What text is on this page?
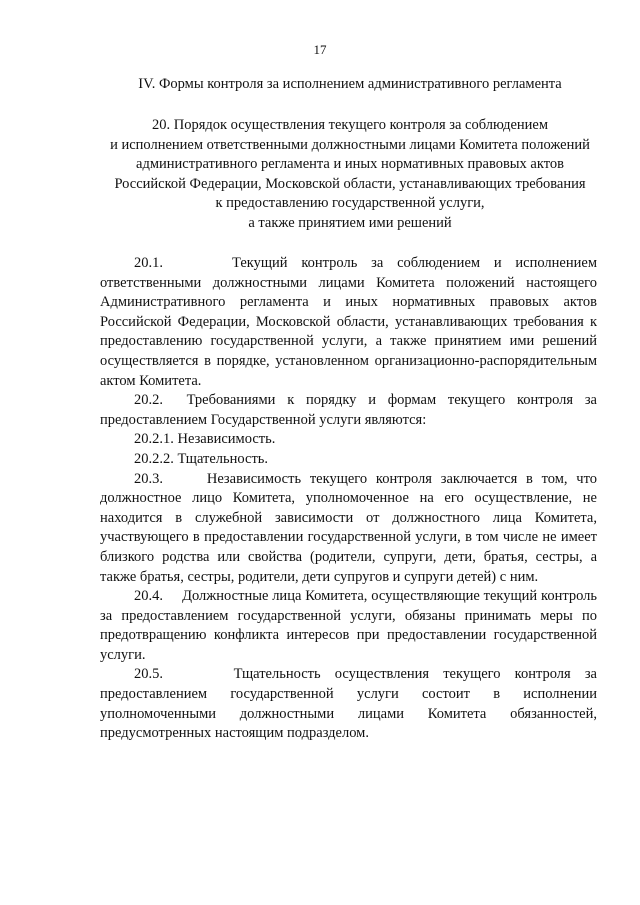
17
IV. Формы контроля за исполнением административного регламента
20. Порядок осуществления текущего контроля за соблюдением
и исполнением ответственными должностными лицами Комитета положений
административного регламента и иных нормативных правовых актов
Российской Федерации, Московской области, устанавливающих требования
к предоставлению государственной услуги,
а также принятием ими решений
20.1.     Текущий контроль за соблюдением и исполнением ответственными должностными лицами Комитета положений настоящего Административного регламента и иных нормативных правовых актов Российской Федерации, Московской области, устанавливающих требования к предоставлению государственной услуги, а также принятием ими решений осуществляется в порядке, установленном организационно-распорядительным актом Комитета.
20.2.  Требованиями к порядку и формам текущего контроля за предоставлением Государственной услуги являются:
20.2.1. Независимость.
20.2.2. Тщательность.
20.3.     Независимость текущего контроля заключается в том, что должностное лицо Комитета, уполномоченное на его осуществление, не находится в служебной зависимости от должностного лица Комитета, участвующего в предоставлении государственной услуги, в том числе не имеет близкого родства или свойства (родители, супруги, дети, братья, сестры, а также братья, сестры, родители, дети супругов и супруги детей) с ним.
20.4.     Должностные лица Комитета, осуществляющие текущий контроль за предоставлением государственной услуги, обязаны принимать меры по предотвращению конфликта интересов при предоставлении государственной услуги.
20.5.     Тщательность осуществления текущего контроля за предоставлением государственной услуги состоит в исполнении уполномоченными должностными лицами Комитета обязанностей, предусмотренных настоящим подразделом.
